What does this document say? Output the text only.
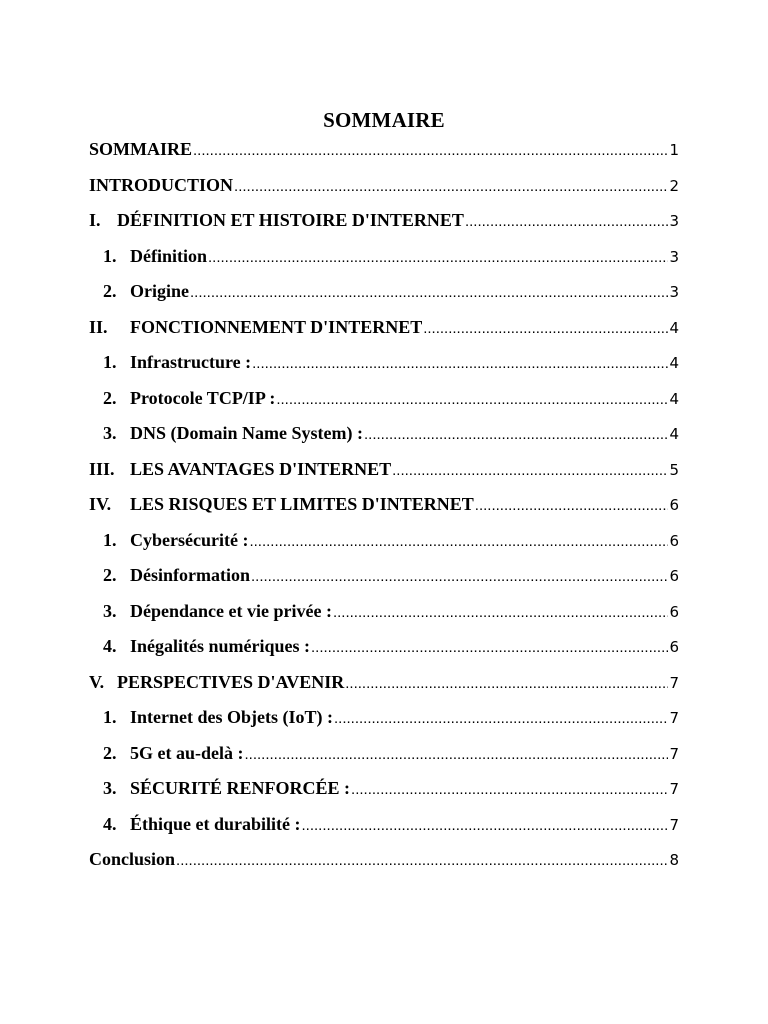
SOMMAIRE
SOMMAIRE .....	1
INTRODUCTION .....	2
I. DÉFINITION ET HISTOIRE D'INTERNET .....	3
1. Définition .....	3
2. Origine .....	3
II.	FONCTIONNEMENT D'INTERNET .....	4
1. Infrastructure : .....	4
2. Protocole TCP/IP : .....	4
3. DNS (Domain Name System) : .....	4
III. LES AVANTAGES D'INTERNET .....	5
IV.	LES RISQUES ET LIMITES D'INTERNET .....	6
1. Cybersécurité : .....	6
2. Désinformation .....	6
3. Dépendance et vie privée : .....	6
4. Inégalités numériques : .....	6
V. PERSPECTIVES D'AVENIR .....	7
1. Internet des Objets (IoT) : .....	7
2. 5G et au-delà : .....	7
3. SÉCURITÉ RENFORCÉE : .....	7
4. Éthique et durabilité : .....	7
Conclusion .....	8
